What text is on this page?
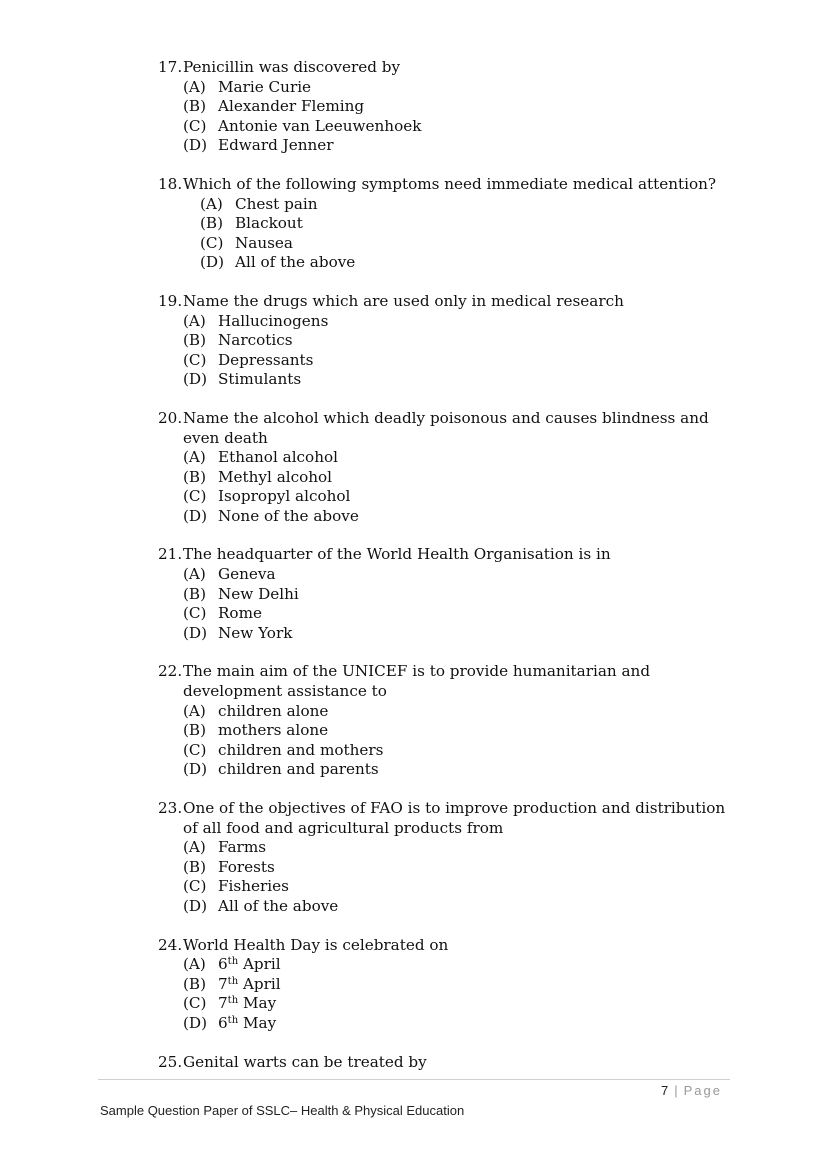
17. Penicillin was discovered by
(A) Marie Curie
(B) Alexander Fleming
(C) Antonie van Leeuwenhoek
(D) Edward Jenner
18. Which of the following symptoms need immediate medical attention?
(A) Chest pain
(B) Blackout
(C) Nausea
(D) All of the above
19. Name the drugs which are used only in medical research
(A) Hallucinogens
(B) Narcotics
(C) Depressants
(D) Stimulants
20. Name the alcohol which deadly poisonous and causes blindness and even death
(A) Ethanol alcohol
(B) Methyl alcohol
(C) Isopropyl alcohol
(D) None of the above
21. The headquarter of the World Health Organisation is in
(A) Geneva
(B) New Delhi
(C) Rome
(D) New York
22. The main aim of the UNICEF is to provide humanitarian and development assistance to
(A) children alone
(B) mothers alone
(C) children and mothers
(D) children and parents
23. One of the objectives of FAO is to improve production and distribution of all food and agricultural products from
(A) Farms
(B) Forests
(C) Fisheries
(D) All of the above
24. World Health Day is celebrated on
(A) 6th April
(B) 7th April
(C) 7th May
(D) 6th May
25. Genital warts can be treated by
7 | Page
Sample Question Paper of SSLC– Health & Physical Education
